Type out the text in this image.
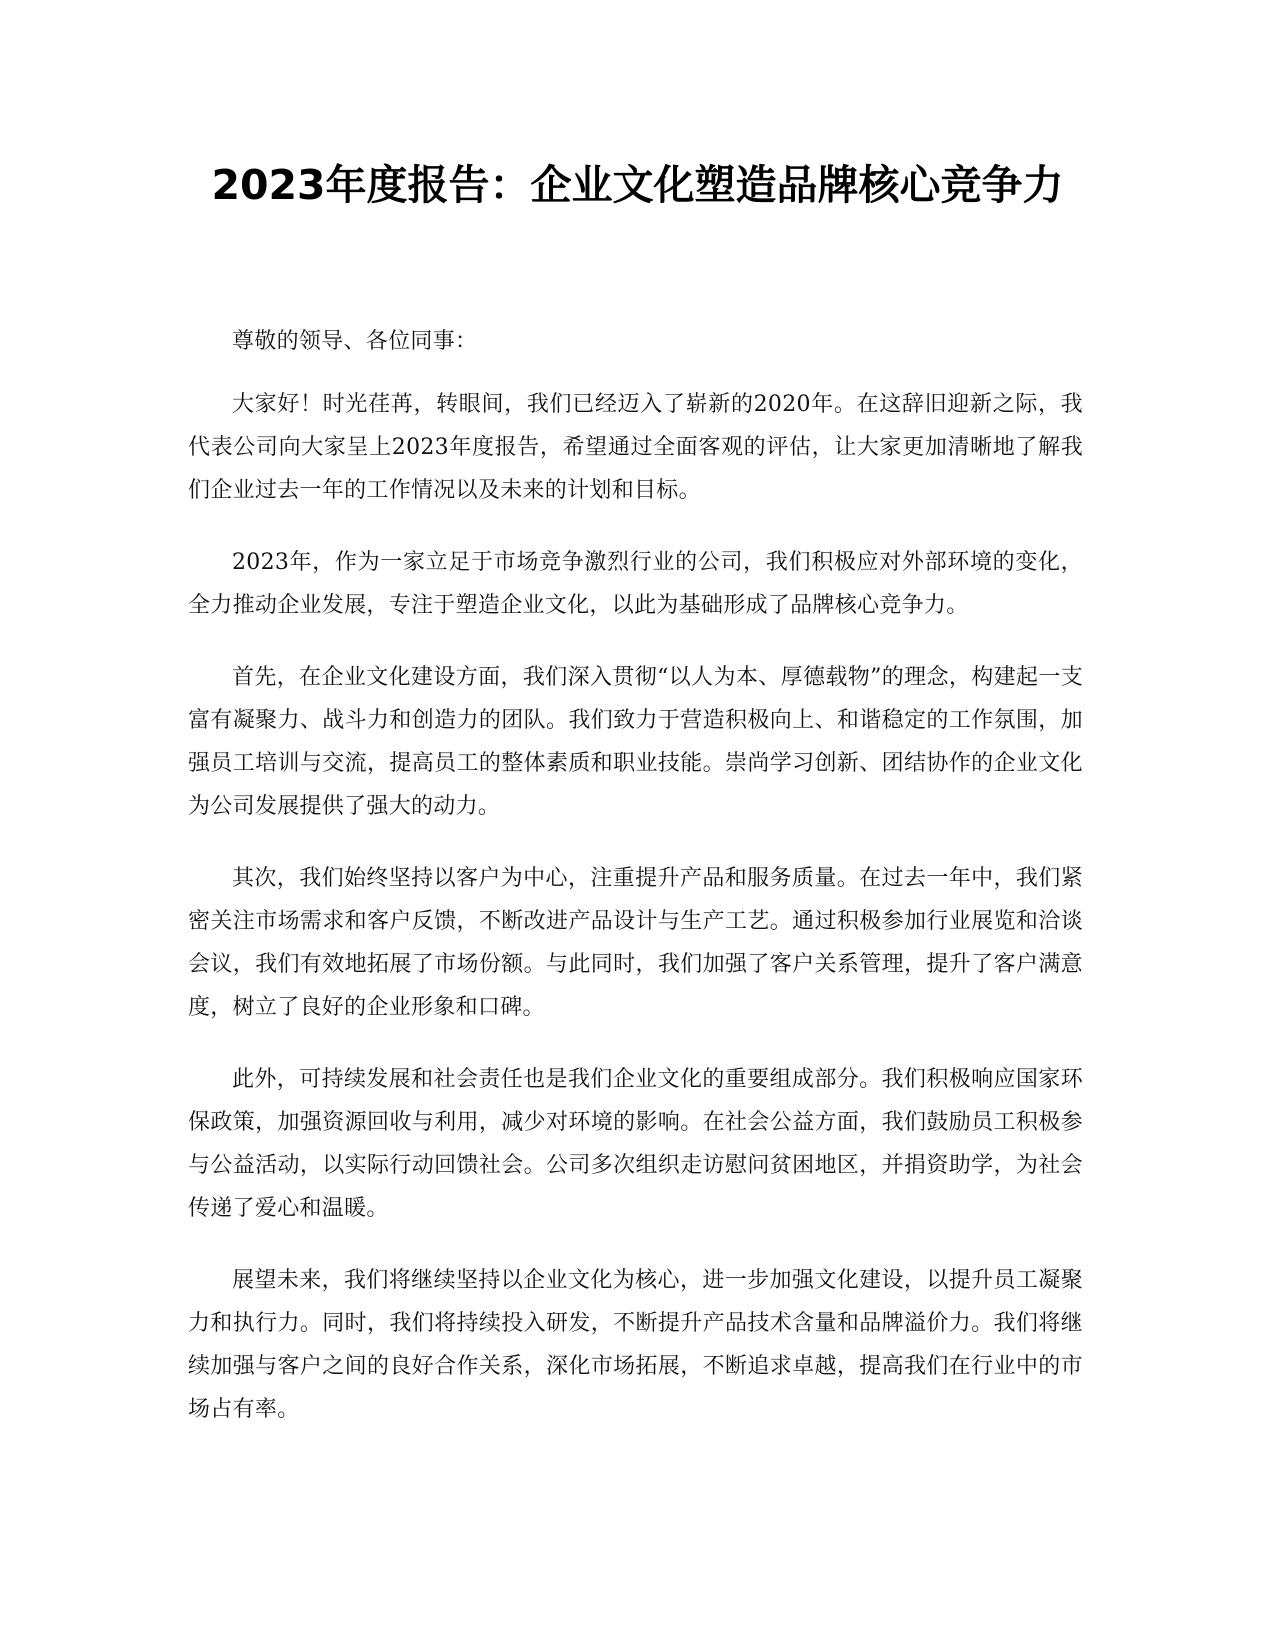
2023年度报告：企业文化塑造品牌核心竞争力

尊敬的领导、各位同事：

大家好！时光荏苒，转眼间，我们已经迈入了崭新的2020年。在这辞旧迎新之际，我代表公司向大家呈上2023年度报告，希望通过全面客观的评估，让大家更加清晰地了解我们企业过去一年的工作情况以及未来的计划和目标。

2023年，作为一家立足于市场竞争激烈行业的公司，我们积极应对外部环境的变化，全力推动企业发展，专注于塑造企业文化，以此为基础形成了品牌核心竞争力。

首先，在企业文化建设方面，我们深入贯彻“以人为本、厚德载物”的理念，构建起一支富有凝聚力、战斗力和创造力的团队。我们致力于营造积极向上、和谐稳定的工作氛围，加强员工培训与交流，提高员工的整体素质和职业技能。崇尚学习创新、团结协作的企业文化为公司发展提供了强大的动力。

其次，我们始终坚持以客户为中心，注重提升产品和服务质量。在过去一年中，我们紧密关注市场需求和客户反馈，不断改进产品设计与生产工艺。通过积极参加行业展览和洽谈会议，我们有效地拓展了市场份额。与此同时，我们加强了客户关系管理，提升了客户满意度，树立了良好的企业形象和口碑。

此外，可持续发展和社会责任也是我们企业文化的重要组成部分。我们积极响应国家环保政策，加强资源回收与利用，减少对环境的影响。在社会公益方面，我们鼓励员工积极参与公益活动，以实际行动回馈社会。公司多次组织走访慰问贫困地区，并捐资助学，为社会传递了爱心和温暖。

展望未来，我们将继续坚持以企业文化为核心，进一步加强文化建设，以提升员工凝聚力和执行力。同时，我们将持续投入研发，不断提升产品技术含量和品牌溢价力。我们将继续加强与客户之间的良好合作关系，深化市场拓展，不断追求卓越，提高我们在行业中的市场占有率。
